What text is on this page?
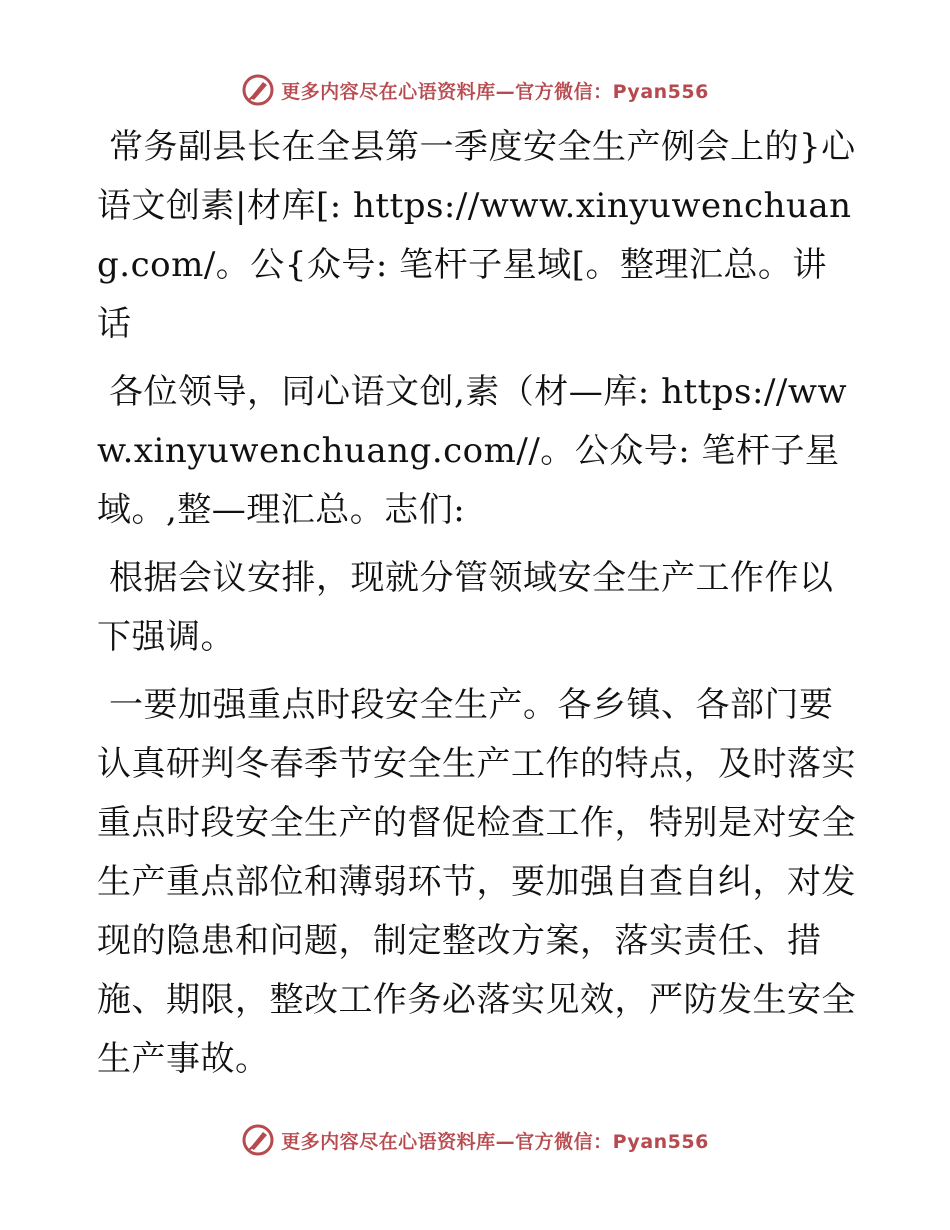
更多内容尽在心语资料库—官方微信：Pyan556

常务副县长在全县第一季度安全生产例会上的}心语文创素|材库[: https://www.xinyuwenchuang.com/。公{众号: 笔杆子星域[。整理汇总。讲话

各位领导，同心语文创,素（材—库: https://www.xinyuwenchuang.com//。公众号: 笔杆子星域。,整—理汇总。志们:

根据会议安排，现就分管领域安全生产工作作以下强调。

一要加强重点时段安全生产。各乡镇、各部门要认真研判冬春季节安全生产工作的特点，及时落实重点时段安全生产的督促检查工作，特别是对安全生产重点部位和薄弱环节，要加强自查自纠，对发现的隐患和问题，制定整改方案，落实责任、措施、期限，整改工作务必落实见效，严防发生安全生产事故。

更多内容尽在心语资料库—官方微信：Pyan556
